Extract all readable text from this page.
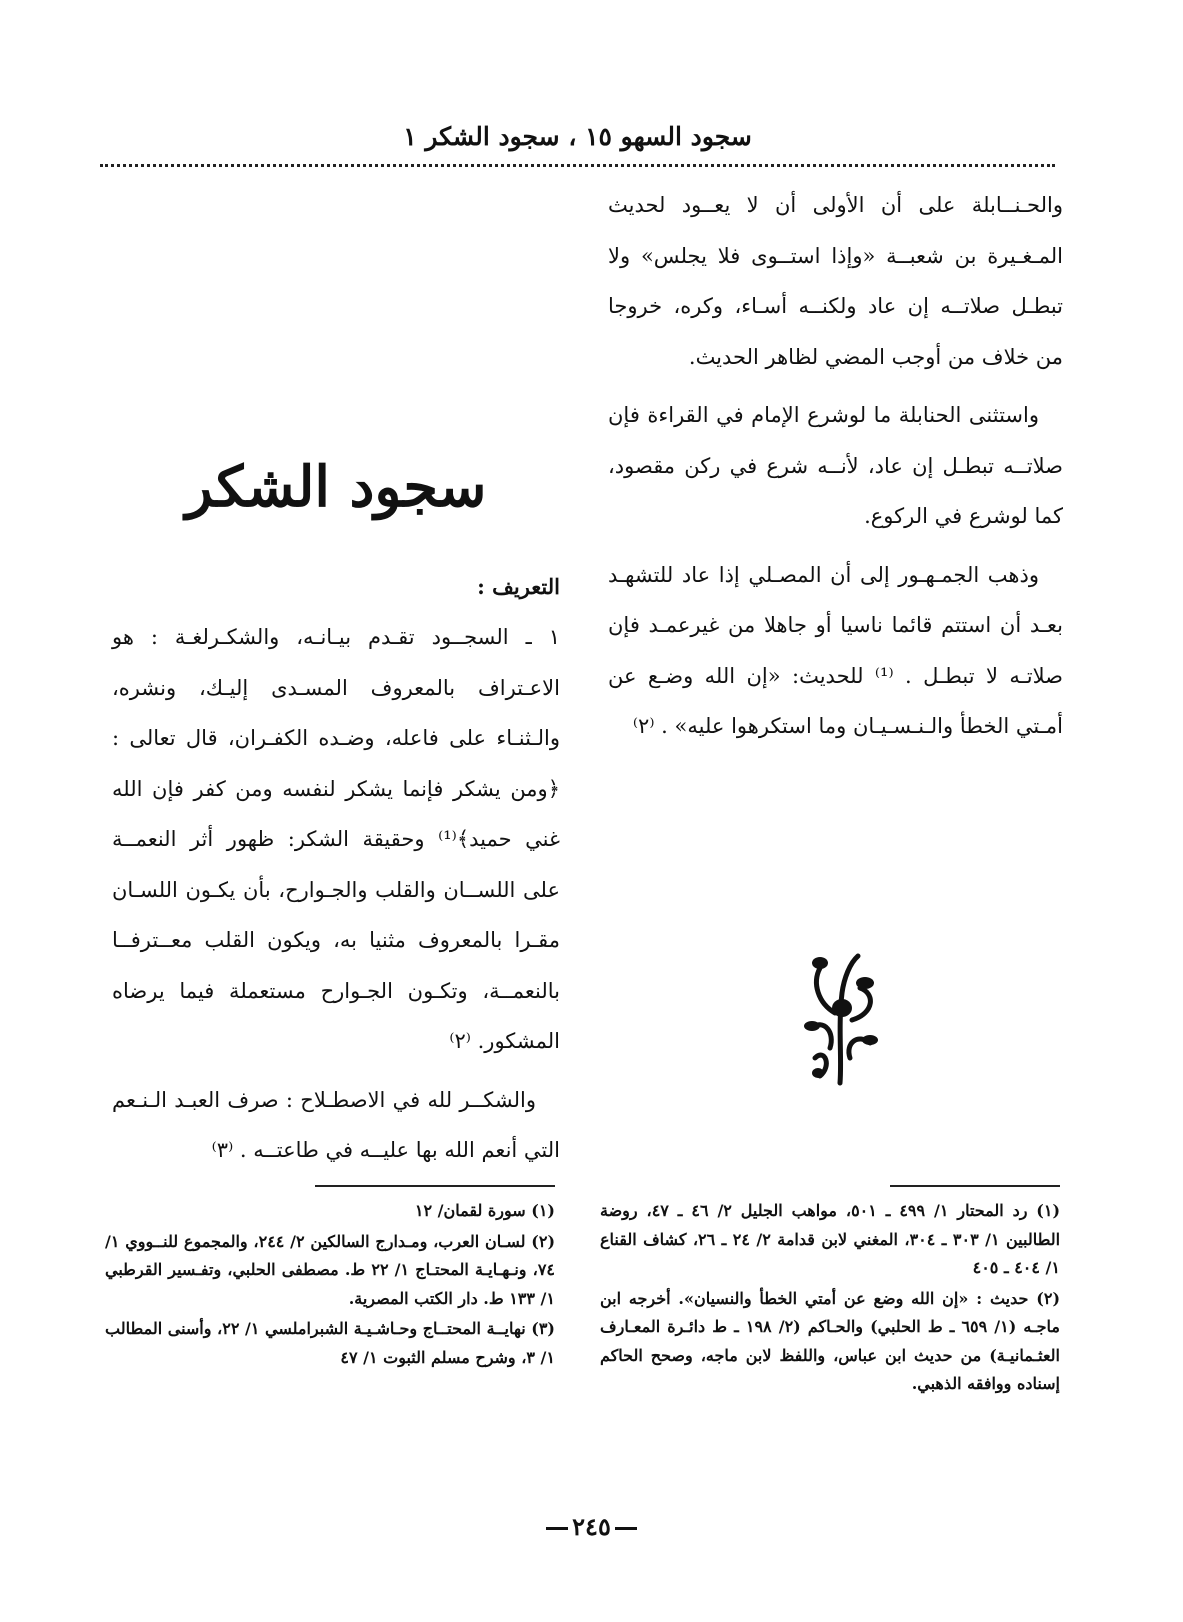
سجود السهو ١٥ ، سجود الشكر ١

والحـنــابلة على أن الأولى أن لا يعــود لحديث المـغـيرة بن شعبــة «وإذا استــوى فلا يجلس» ولا تبطـل صلاتــه إن عاد ولكنــه أسـاء، وكره، خروجا من خلاف من أوجب المضي لظاهر الحديث.

واستثنى الحنابلة ما لوشرع الإمام في القراءة فإن صلاتــه تبطـل إن عاد، لأنــه شرع في ركن مقصود، كما لوشرع في الركوع.

وذهب الجمـهـور إلى أن المصـلي إذا عاد للتشهـد بعـد أن استتم قائما ناسيا أو جاهلا من غيرعمـد فإن صلاتـه لا تبطـل . ⁽¹⁾ للحديث: «إن الله وضـع عن أمـتي الخطأ والـنـسـيـان وما استكرهوا عليه» . ⁽٢⁾

سجود الشكر

التعريف :

١ ـ السجــود تقـدم بيـانـه، والشكـرلغـة : هو الاعـتراف بالمعروف المسـدى إليـك، ونشره، والـثنـاء على فاعله، وضـده الكفـران، قال تعالى : ﴿ومن يشكر فإنما يشكر لنفسه ومن كفر فإن الله غني حميد﴾⁽¹⁾ وحقيقة الشكر: ظهور أثر النعمــة على اللســان والقلب والجـوارح، بأن يكـون اللسـان مقـرا بالمعروف مثنيا به، ويكون القلب معــترفــا بالنعمــة، وتكـون الجـوارح مستعملة فيما يرضاه المشكور. ⁽٢⁾

والشكــر لله في الاصطـلاح : صرف العبـد الـنـعم التي أنعم الله بها عليــه في طاعتــه . ⁽٣⁾

(١) رد المحتار ١/ ٤٩٩ ـ ٥٠١، مواهب الجليل ٢/ ٤٦ ـ ٤٧، روضة الطالبين ١/ ٣٠٣ ـ ٣٠٤، المغني لابن قدامة ٢/ ٢٤ ـ ٢٦، كشاف القناع ١/ ٤٠٤ ـ ٤٠٥

(٢) حديث : «إن الله وضع عن أمتي الخطأ والنسيان». أخرجه ابن ماجـه (١/ ٦٥٩ ـ ط الحلبي) والحـاكم (٢/ ١٩٨ ـ ط دائـرة المعـارف العثـمانيـة) من حديث ابن عباس، واللفظ لابن ماجه، وصحح الحاكم إسناده ووافقه الذهبي.

(١) سورة لقمان/ ١٢

(٢) لسـان العرب، ومـدارج السالكين ٢/ ٢٤٤، والمجموع للنــووي ١/ ٧٤، ونـهـايـة المحتـاج ١/ ٢٢ ط. مصطفى الحلبي، وتفـسير القرطبي ١/ ١٣٣ ط. دار الكتب المصرية.

(٣) نهايــة المحتــاج وحـاشـيـة الشبراملسي ١/ ٢٢، وأسنى المطالب ١/ ٣، وشرح مسلم الثبوت ١/ ٤٧

٢٤٥
